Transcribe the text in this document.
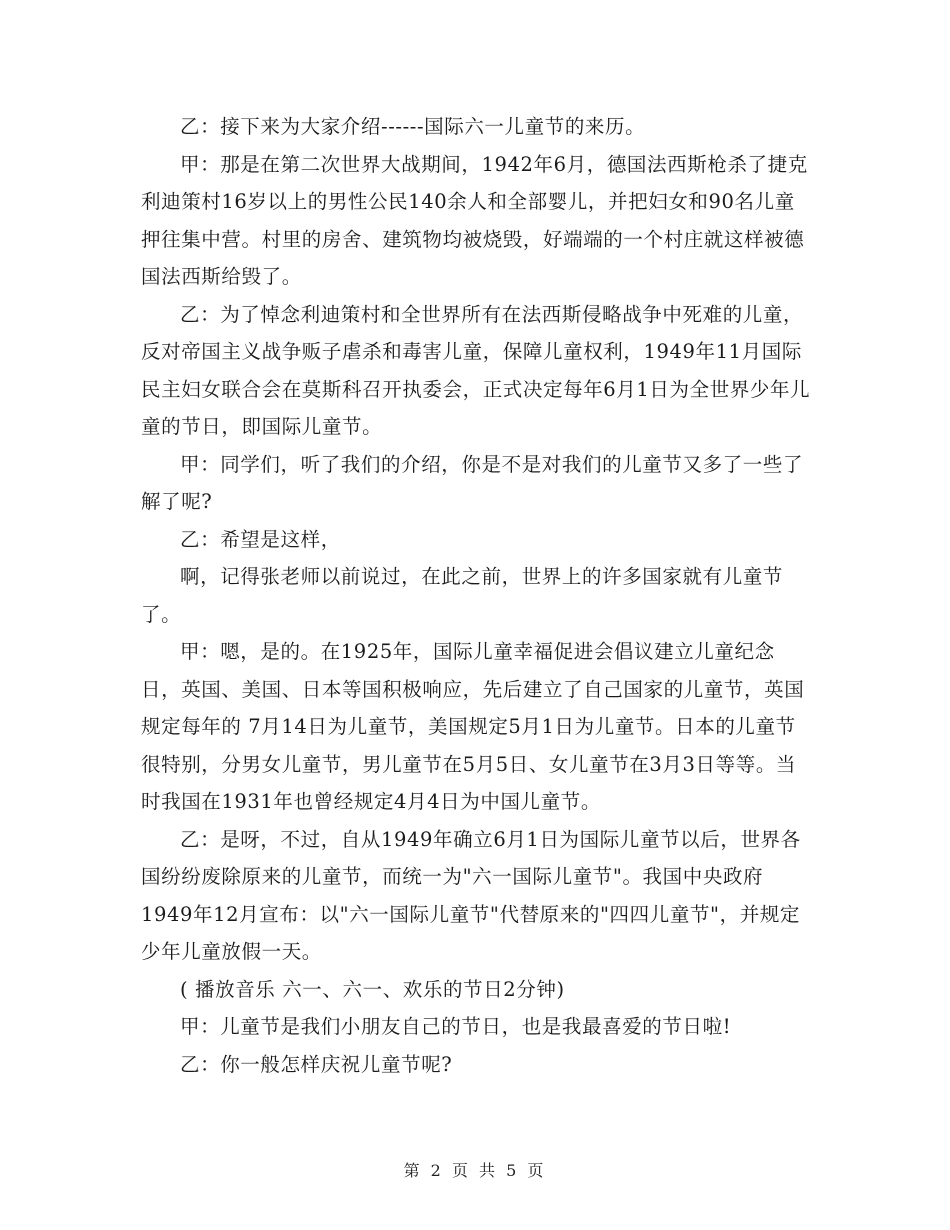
乙：接下来为大家介绍------国际六一儿童节的来历。

甲：那是在第二次世界大战期间，1942年6月，德国法西斯枪杀了捷克利迪策村16岁以上的男性公民140余人和全部婴儿，并把妇女和90名儿童押往集中营。村里的房舍、建筑物均被烧毁，好端端的一个村庄就这样被德国法西斯给毁了。

乙：为了悼念利迪策村和全世界所有在法西斯侵略战争中死难的儿童，反对帝国主义战争贩子虐杀和毒害儿童，保障儿童权利，1949年11月国际民主妇女联合会在莫斯科召开执委会，正式决定每年6月1日为全世界少年儿童的节日，即国际儿童节。

甲：同学们，听了我们的介绍，你是不是对我们的儿童节又多了一些了解了呢?

乙：希望是这样，

啊，记得张老师以前说过，在此之前，世界上的许多国家就有儿童节了。

甲：嗯，是的。在1925年，国际儿童幸福促进会倡议建立儿童纪念日，英国、美国、日本等国积极响应，先后建立了自己国家的儿童节，英国规定每年的 7月14日为儿童节，美国规定5月1日为儿童节。日本的儿童节很特别，分男女儿童节，男儿童节在5月5日、女儿童节在3月3日等等。当时我国在1931年也曾经规定4月4日为中国儿童节。

乙：是呀，不过，自从1949年确立6月1日为国际儿童节以后，世界各国纷纷废除原来的儿童节，而统一为"六一国际儿童节"。我国中央政府1949年12月宣布：以"六一国际儿童节"代替原来的"四四儿童节"，并规定少年儿童放假一天。

( 播放音乐 六一、六一、欢乐的节日2分钟)

甲：儿童节是我们小朋友自己的节日，也是我最喜爱的节日啦!

乙：你一般怎样庆祝儿童节呢?

第 2 页 共 5 页
